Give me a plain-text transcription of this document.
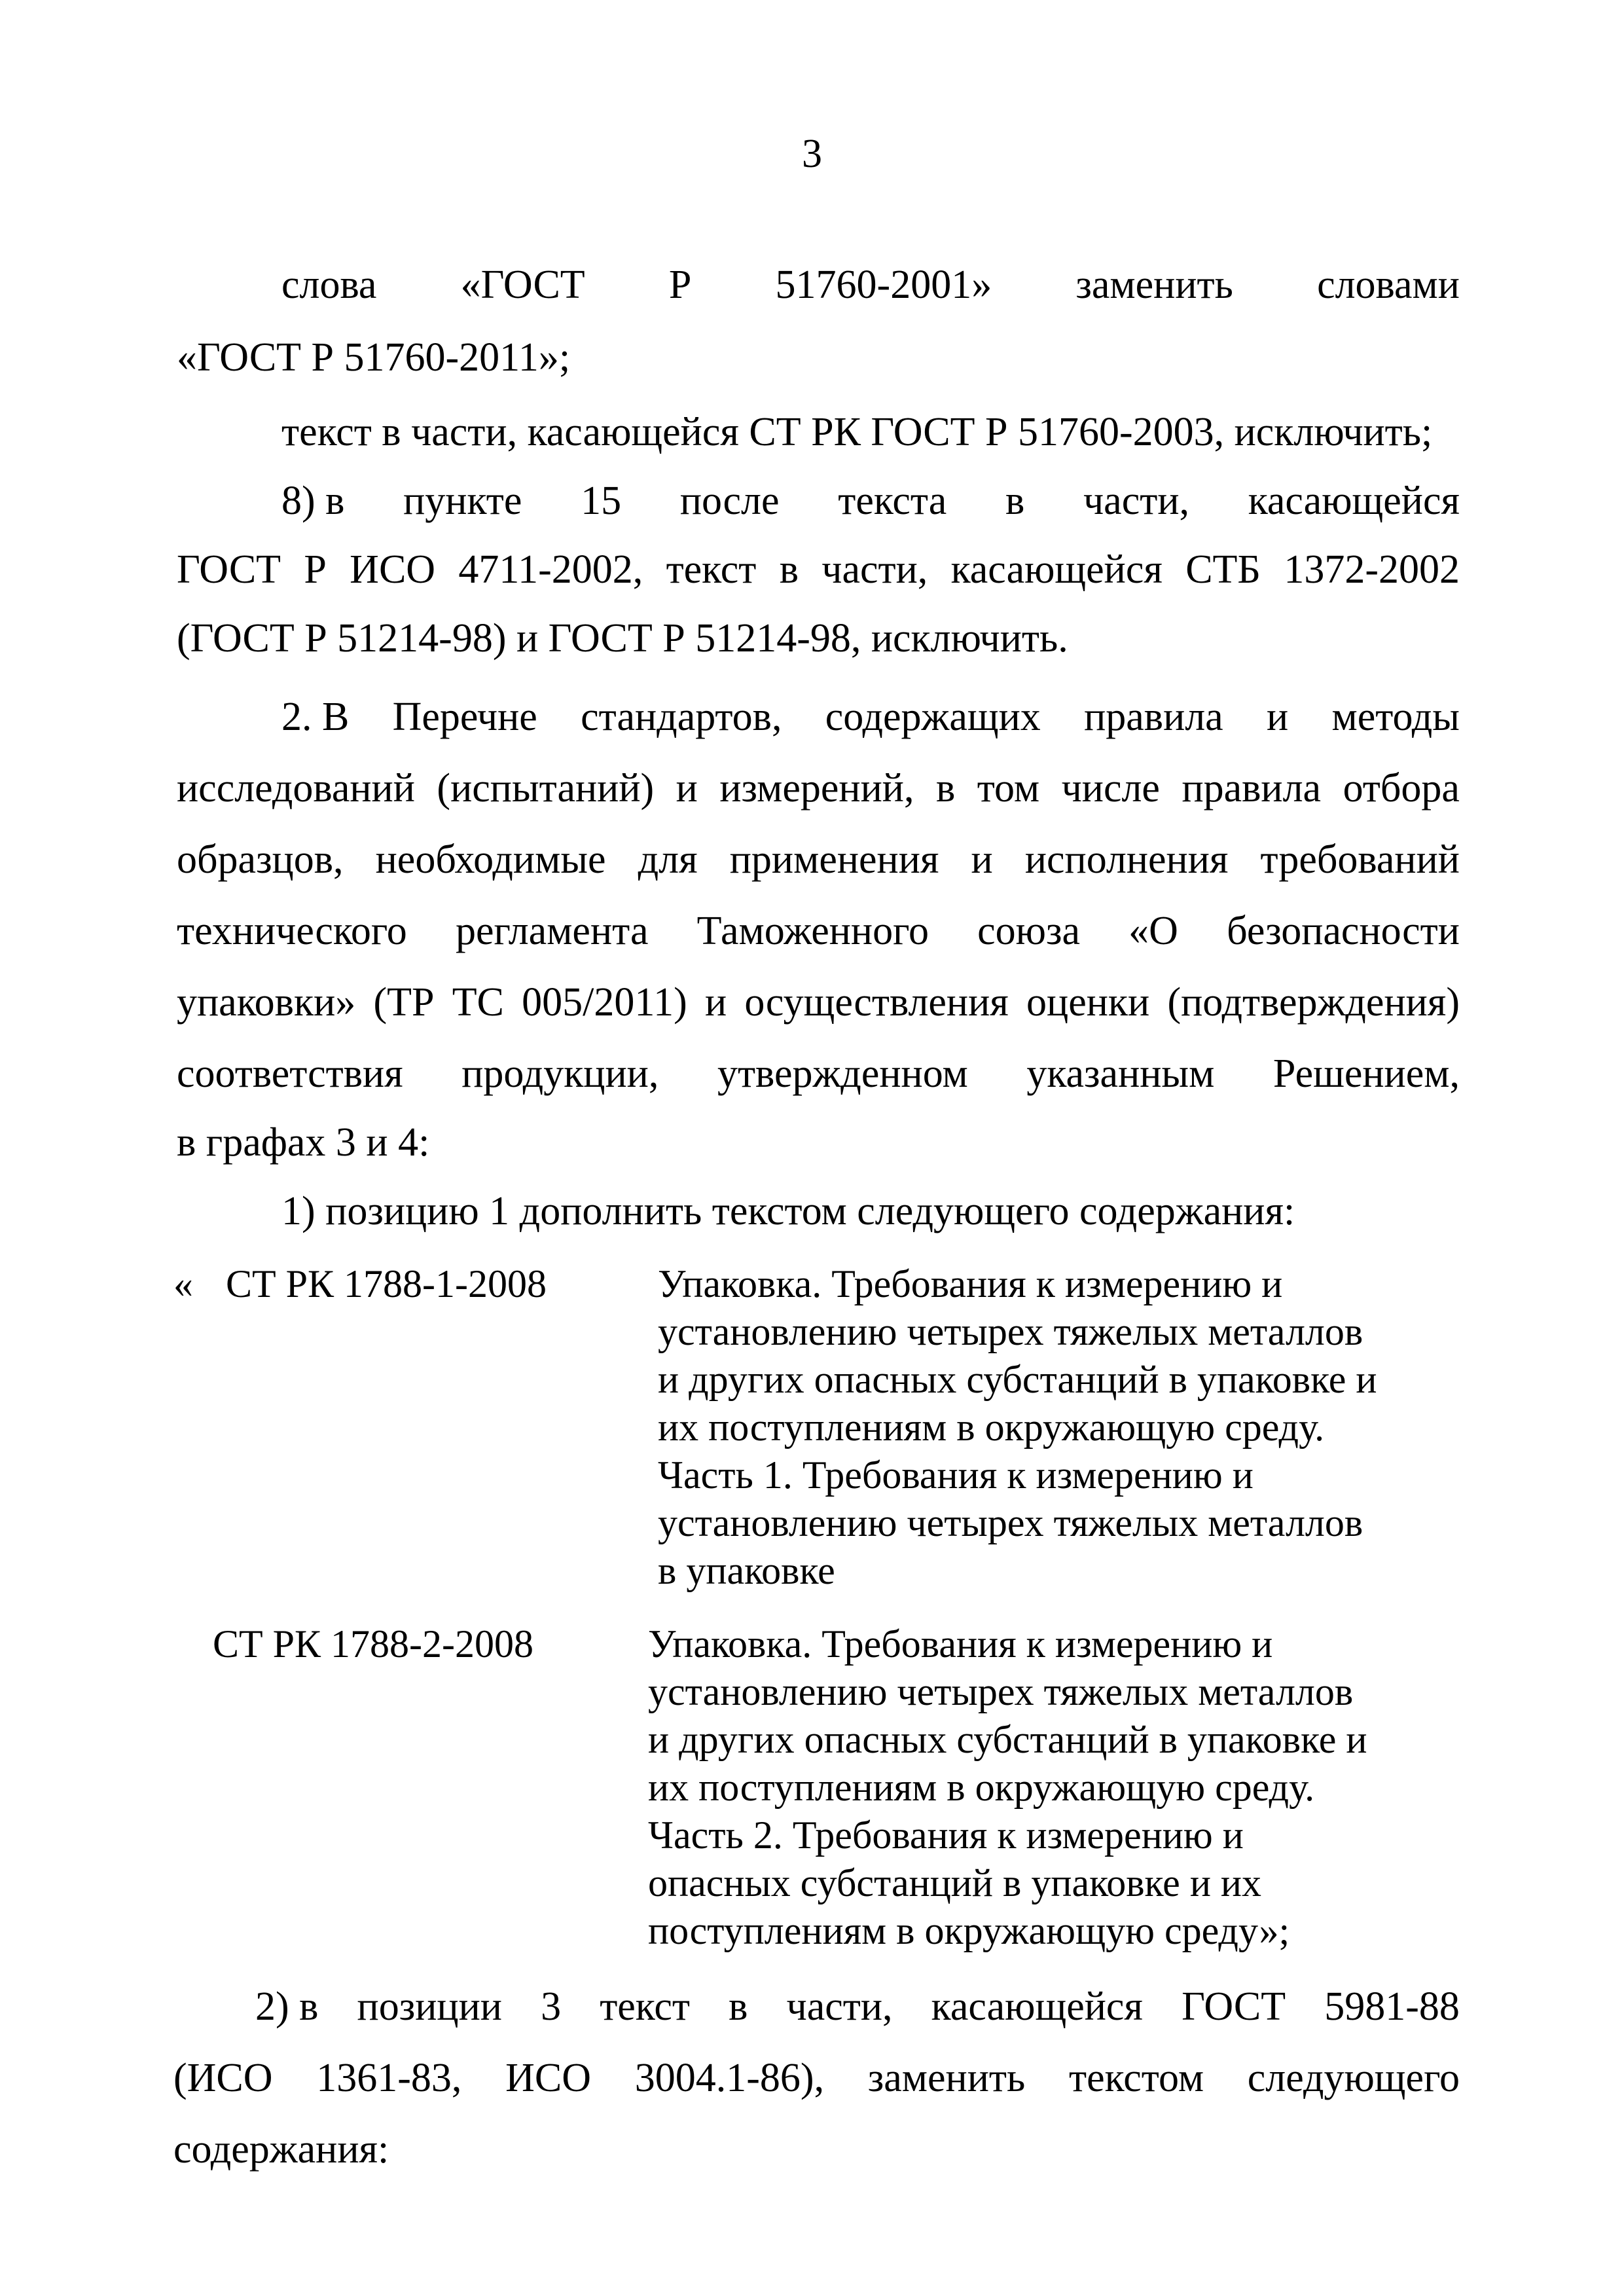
3
слова «ГОСТ Р 51760-2001» заменить словами
«ГОСТ Р 51760-2011»;
текст в части, касающейся СТ РК ГОСТ Р 51760-2003, исключить;
8) в пункте 15 после текста в части, касающейся
ГОСТ Р ИСО 4711-2002, текст в части, касающейся СТБ 1372-2002
(ГОСТ Р 51214-98) и ГОСТ Р 51214-98, исключить.
2. В Перечне стандартов, содержащих правила и методы
исследований (испытаний) и измерений, в том числе правила отбора
образцов, необходимые для применения и исполнения требований
технического регламента Таможенного союза «О безопасности
упаковки» (ТР ТС 005/2011) и осуществления оценки (подтверждения)
соответствия продукции, утвержденном указанным Решением,
в графах 3 и 4:
1) позицию 1 дополнить текстом следующего содержания:
« СТ РК 1788-1-2008	Упаковка. Требования к измерению и
установлению четырех тяжелых металлов
и других опасных субстанций в упаковке и
их поступлениям в окружающую среду.
Часть 1. Требования к измерению и
установлению четырех тяжелых металлов
в упаковке
СТ РК 1788-2-2008	Упаковка. Требования к измерению и
установлению четырех тяжелых металлов
и других опасных субстанций в упаковке и
их поступлениям в окружающую среду.
Часть 2. Требования к измерению и
опасных субстанций в упаковке и их
поступлениям в окружающую среду»;
2) в позиции 3 текст в части, касающейся ГОСТ 5981-88
(ИСО 1361-83, ИСО 3004.1-86), заменить текстом следующего
содержания:
